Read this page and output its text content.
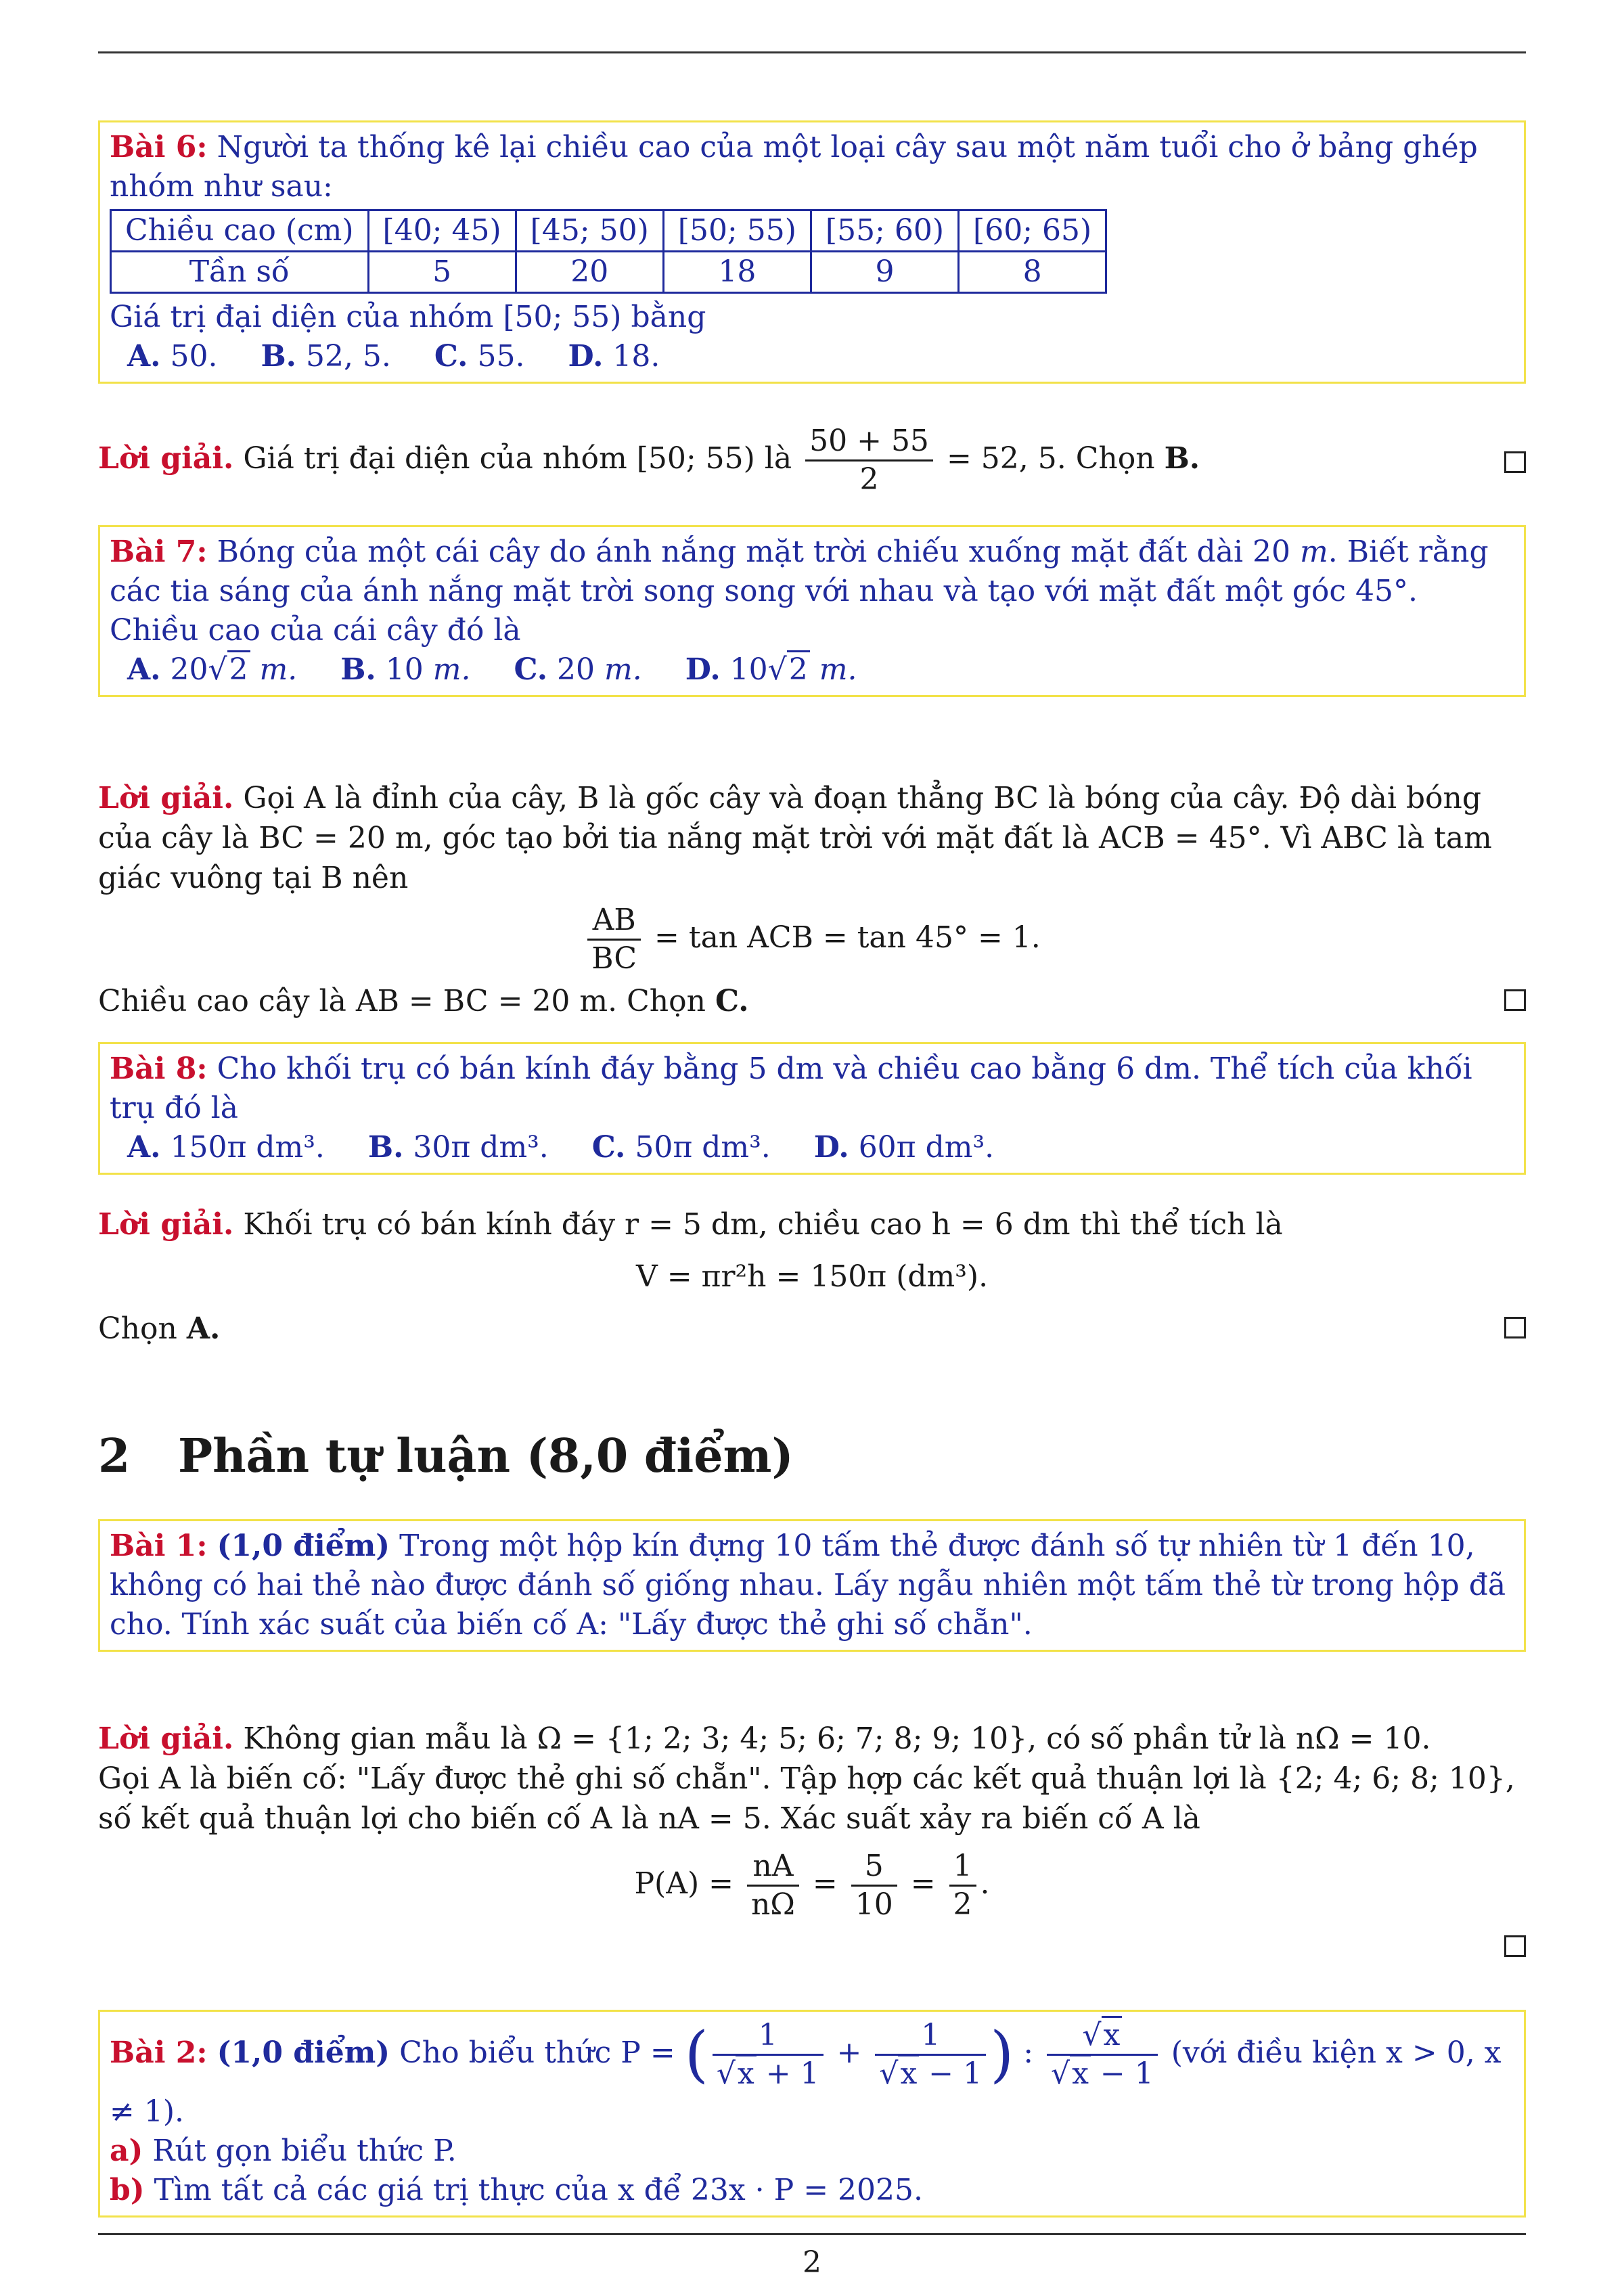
Bài 6: Người ta thống kê lại chiều cao của một loại cây sau một năm tuổi cho ở bảng ghép nhóm như sau:
Chiều cao (cm)	[40; 45)	[45; 50)	[50; 55)	[55; 60)	[60; 65)
Tần số	5	20	18	9	8
Giá trị đại diện của nhóm [50; 55) bằng
A. 50. B. 52, 5. C. 55. D. 18.
Lời giải. Giá trị đại diện của nhóm [50; 55) là $\frac{50 + 55}{2} = 52$, 5. Chọn B.
Bài 7: Bóng của một cái cây do ánh nắng mặt trời chiếu xuống mặt đất dài 20 m. Biết rằng các tia sáng của ánh nắng mặt trời song song với nhau và tạo với mặt đất một góc 45°. Chiều cao của cái cây đó là
A. 20√2 m. B. 10 m. C. 20 m. D. 10√2 m.
Lời giải. Gọi A là đỉnh của cây, B là gốc cây và đoạn thẳng BC là bóng của cây. Độ dài bóng của cây là BC = 20 m, góc tạo bởi tia nắng mặt trời với mặt đất là ACB = 45°. Vì ABC là tam giác vuông tại B nên
$\frac{AB}{BC} = \tan$ ACB = tan 45° = 1.
Chiều cao cây là AB = BC = 20 m. Chọn C.
Bài 8: Cho khối trụ có bán kính đáy bằng 5 dm và chiều cao bằng 6 dm. Thể tích của khối trụ đó là
A. 150π dm³. B. 30π dm³. C. 50π dm³. D. 60π dm³.
Lời giải. Khối trụ có bán kính đáy r = 5 dm, chiều cao h = 6 dm thì thể tích là
V = πr²h = 150π (dm³).
Chọn A.
2 Phần tự luận (8,0 điểm)
Bài 1: (1,0 điểm) Trong một hộp kín đựng 10 tấm thẻ được đánh số tự nhiên từ 1 đến 10, không có hai thẻ nào được đánh số giống nhau. Lấy ngẫu nhiên một tấm thẻ từ trong hộp đã cho. Tính xác suất của biến cố A: "Lấy được thẻ ghi số chẵn".
Lời giải. Không gian mẫu là Ω = {1; 2; 3; 4; 5; 6; 7; 8; 9; 10}, có số phần tử là nΩ = 10.
Gọi A là biến cố: "Lấy được thẻ ghi số chẵn". Tập hợp các kết quả thuận lợi là {2; 4; 6; 8; 10}, số kết quả thuận lợi cho biến cố A là nA = 5. Xác suất xảy ra biến cố A là
$P(A) = \frac{nA}{n\Omega} = \frac{5}{10} = \frac{1}{2}$ .
Bài 2: (1,0 điểm) Cho biểu thức P = ( $\frac{1}{√x + 1} + \frac{1}{√x - 1}$ ) : $\frac{√x}{√x - 1}$ (với điều kiện x > 0, x ≠ 1).
a) Rút gọn biểu thức P.
b) Tìm tất cả các giá trị thực của x để 23x · P = 2025.
2
